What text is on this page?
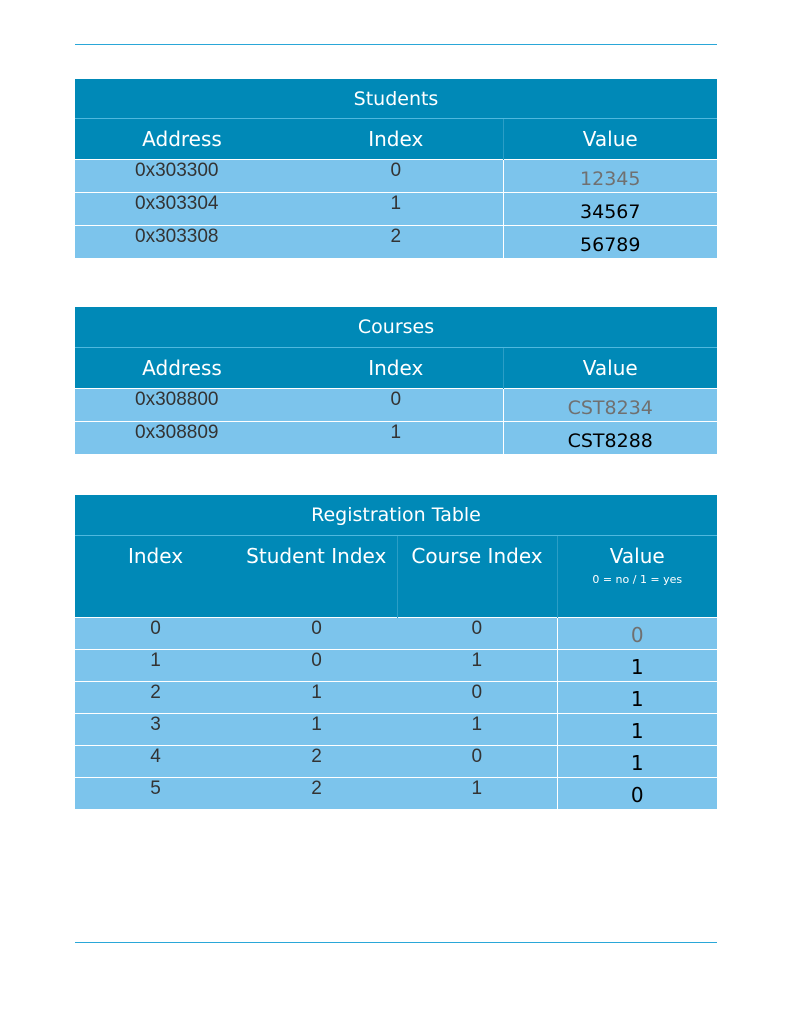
Students		
Address	Index	Value
0x303300	0	12345
0x303304	1	34567
0x303308	2	56789
Courses		
Address	Index	Value
0x308800	0	CST8234
0x308809	1	CST8288
Registration Table			
Index	Student Index	Course Index	Value
0 = no / 1 = yes

0	0	0	0
1	0	1	1
2	1	0	1
3	1	1	1
4	2	0	1
5	2	1	0
